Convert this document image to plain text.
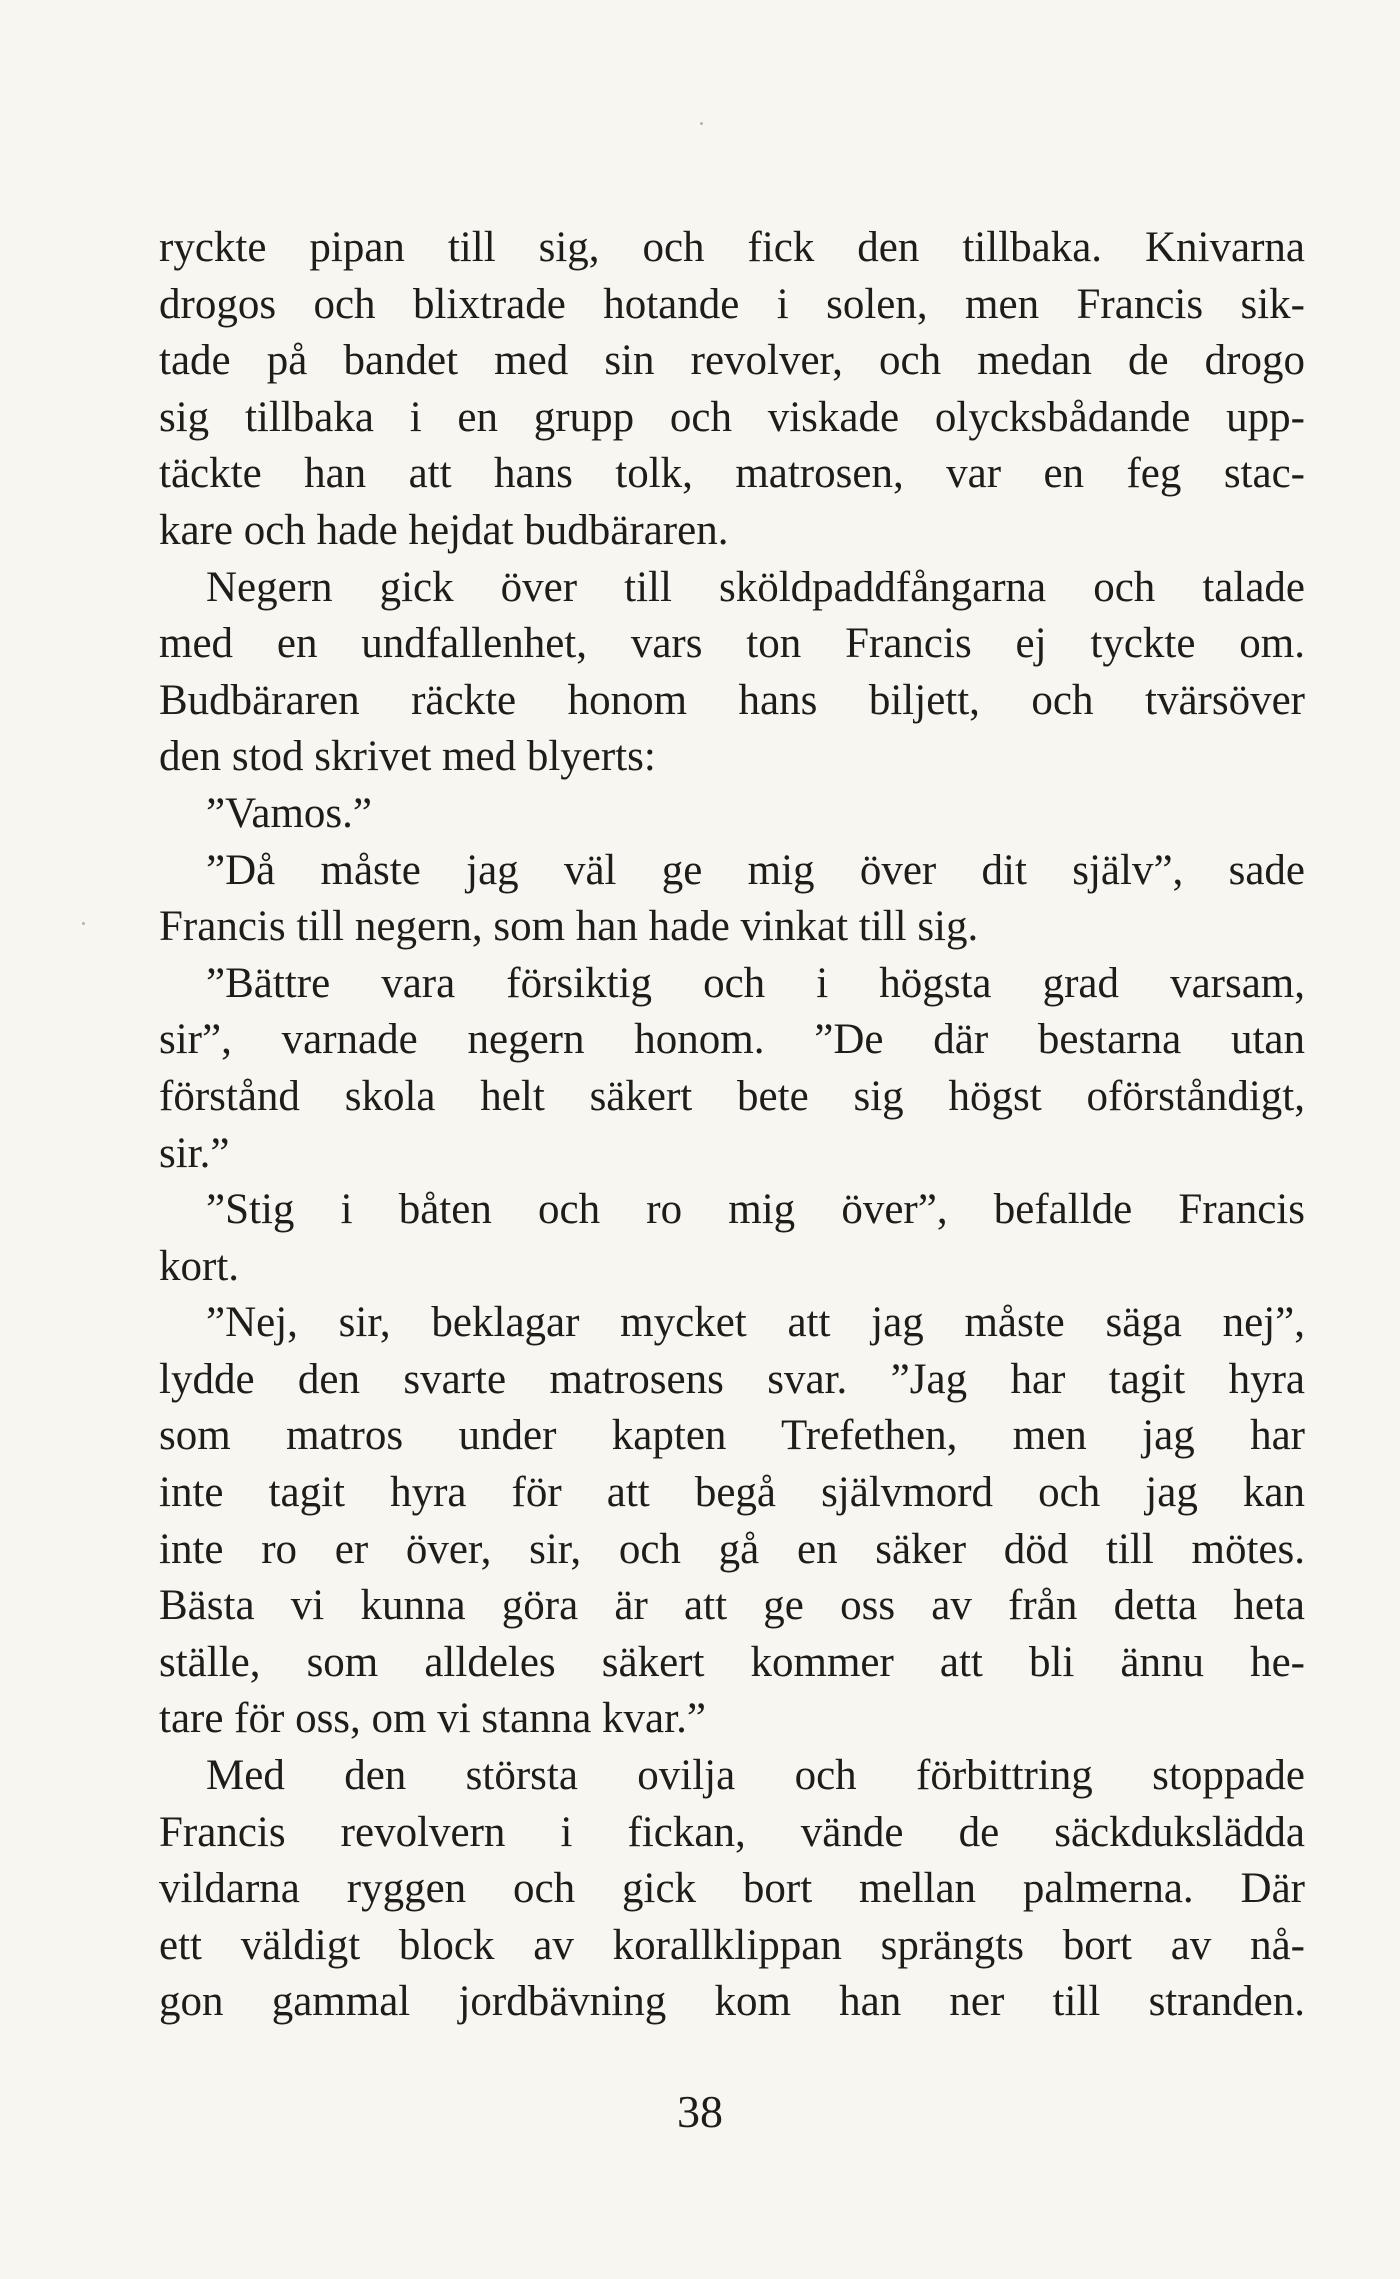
ryckte pipan till sig, och fick den tillbaka. Knivarna
drogos och blixtrade hotande i solen, men Francis sik-
tade på bandet med sin revolver, och medan de drogo
sig tillbaka i en grupp och viskade olycksbådande upp-
täckte han att hans tolk, matrosen, var en feg stac-
kare och hade hejdat budbäraren.
Negern gick över till sköldpaddfångarna och talade
med en undfallenhet, vars ton Francis ej tyckte om.
Budbäraren räckte honom hans biljett, och tvärsöver
den stod skrivet med blyerts:
”Vamos.”
”Då måste jag väl ge mig över dit själv”, sade
Francis till negern, som han hade vinkat till sig.
”Bättre vara försiktig och i högsta grad varsam,
sir”, varnade negern honom. ”De där bestarna utan
förstånd skola helt säkert bete sig högst oförståndigt,
sir.”
”Stig i båten och ro mig över”, befallde Francis
kort.
”Nej, sir, beklagar mycket att jag måste säga nej”,
lydde den svarte matrosens svar. ”Jag har tagit hyra
som matros under kapten Trefethen, men jag har
inte tagit hyra för att begå självmord och jag kan
inte ro er över, sir, och gå en säker död till mötes.
Bästa vi kunna göra är att ge oss av från detta heta
ställe, som alldeles säkert kommer att bli ännu he-
tare för oss, om vi stanna kvar.”
Med den största ovilja och förbittring stoppade
Francis revolvern i fickan, vände de säckdukslädda
vildarna ryggen och gick bort mellan palmerna. Där
ett väldigt block av korallklippan sprängts bort av nå-
gon gammal jordbävning kom han ner till stranden.
38
